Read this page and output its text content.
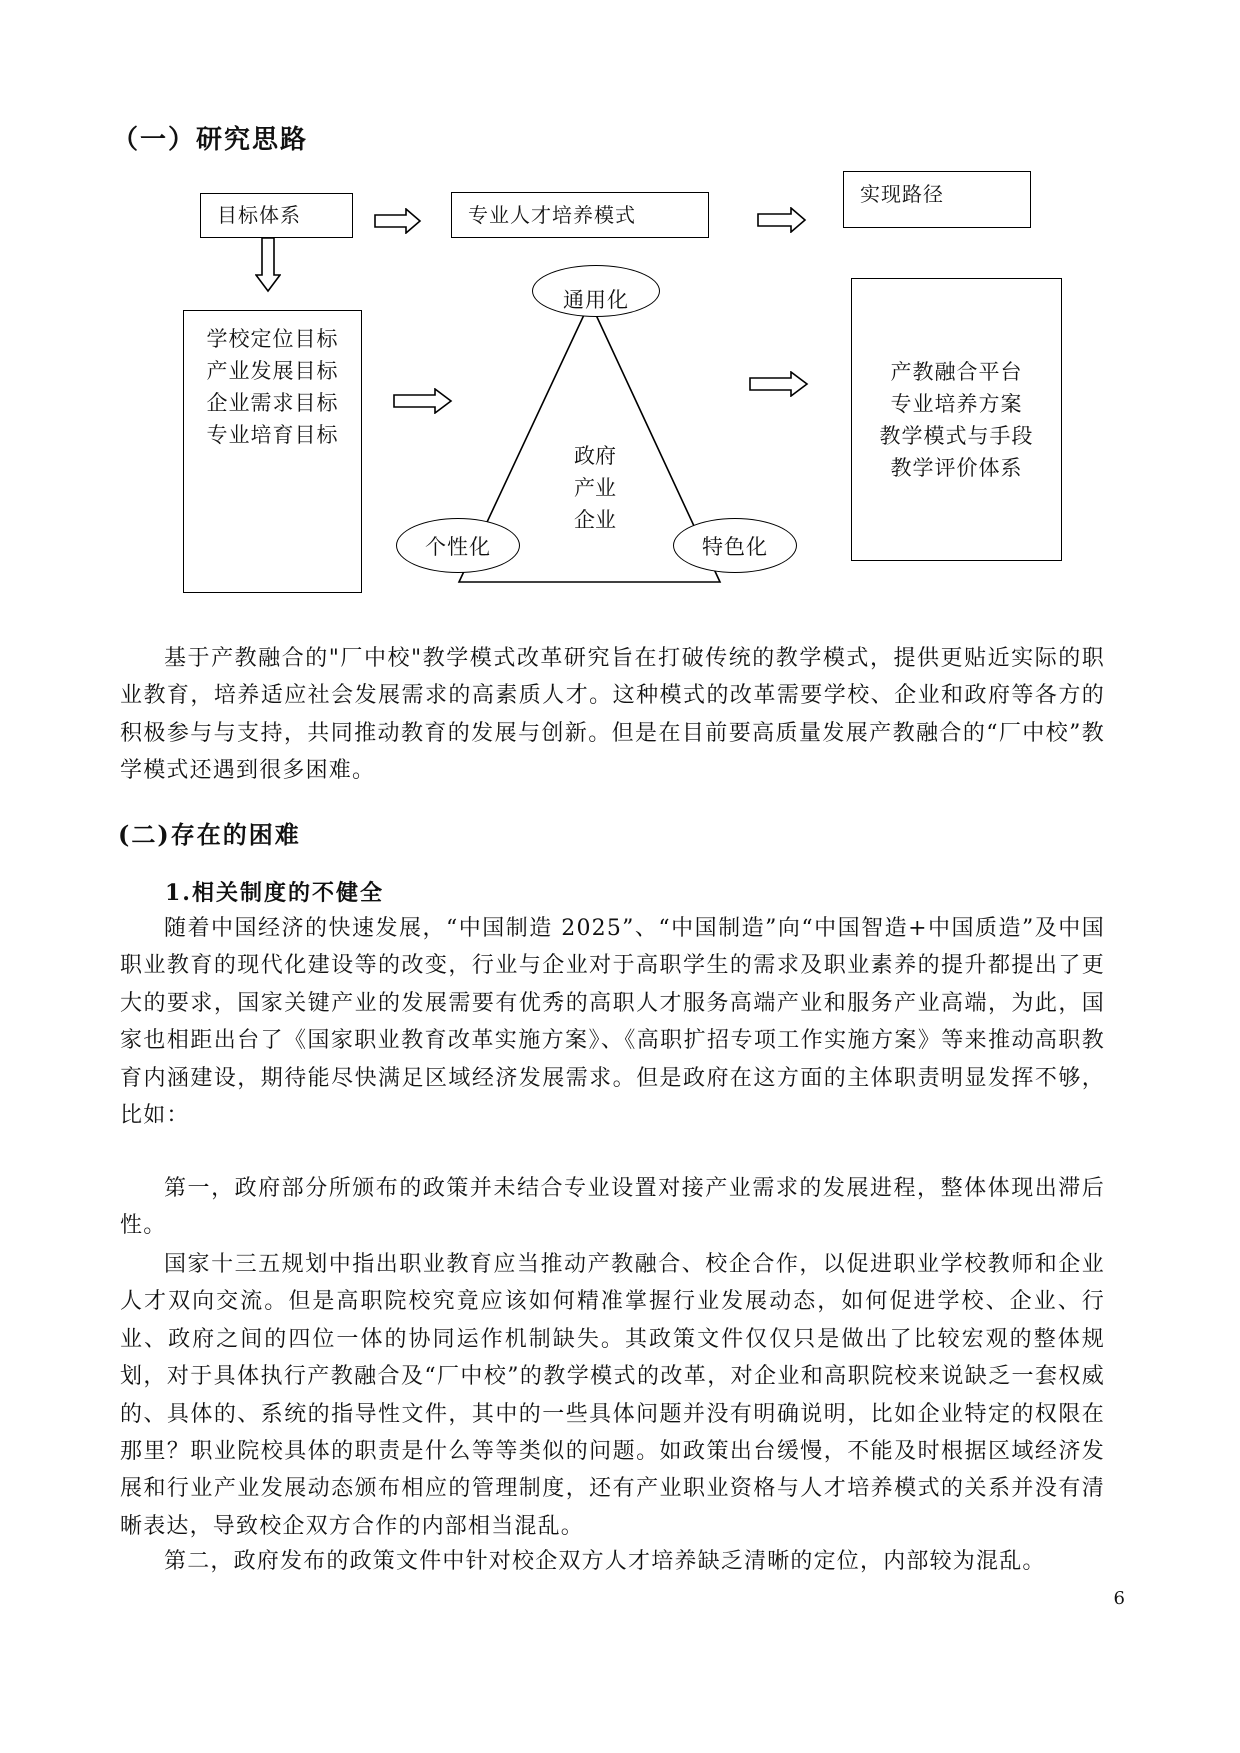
（一）研究思路
目标体系	专业人才培养模式
实现路径
学校定位目标
产业发展目标
企业需求目标
专业培育目标
政府
产业
企业
通用化
个性化	特色化
产教融合平台
专业培养方案
教学模式与手段
教学评价体系

基于产教融合的"厂中校"教学模式改革研究旨在打破传统的教学模式，提供更贴近实际的职业教育，培养适应社会发展需求的高素质人才。这种模式的改革需要学校、企业和政府等各方的积极参与与支持，共同推动教育的发展与创新。但是在目前要高质量发展产教融合的“厂中校”教学模式还遇到很多困难。

(二)存在的困难
1.相关制度的不健全

随着中国经济的快速发展，“中国制造 2025”、“中国制造”向“中国智造+中国质造”及中国职业教育的现代化建设等的改变，行业与企业对于高职学生的需求及职业素养的提升都提出了更大的要求，国家关键产业的发展需要有优秀的高职人才服务高端产业和服务产业高端，为此，国家也相距出台了《国家职业教育改革实施方案》、《高职扩招专项工作实施方案》等来推动高职教育内涵建设，期待能尽快满足区域经济发展需求。但是政府在这方面的主体职责明显发挥不够，比如：

第一，政府部分所颁布的政策并未结合专业设置对接产业需求的发展进程，整体体现出滞后性。

国家十三五规划中指出职业教育应当推动产教融合、校企合作，以促进职业学校教师和企业人才双向交流。但是高职院校究竟应该如何精准掌握行业发展动态，如何促进学校、企业、行业、政府之间的四位一体的协同运作机制缺失。其政策文件仅仅只是做出了比较宏观的整体规划，对于具体执行产教融合及“厂中校”的教学模式的改革，对企业和高职院校来说缺乏一套权威的、具体的、系统的指导性文件，其中的一些具体问题并没有明确说明，比如企业特定的权限在那里？职业院校具体的职责是什么等等类似的问题。如政策出台缓慢，不能及时根据区域经济发展和行业产业发展动态颁布相应的管理制度，还有产业职业资格与人才培养模式的关系并没有清晰表达，导致校企双方合作的内部相当混乱。

第二，政府发布的政策文件中针对校企双方人才培养缺乏清晰的定位，内部较为混乱。

6
